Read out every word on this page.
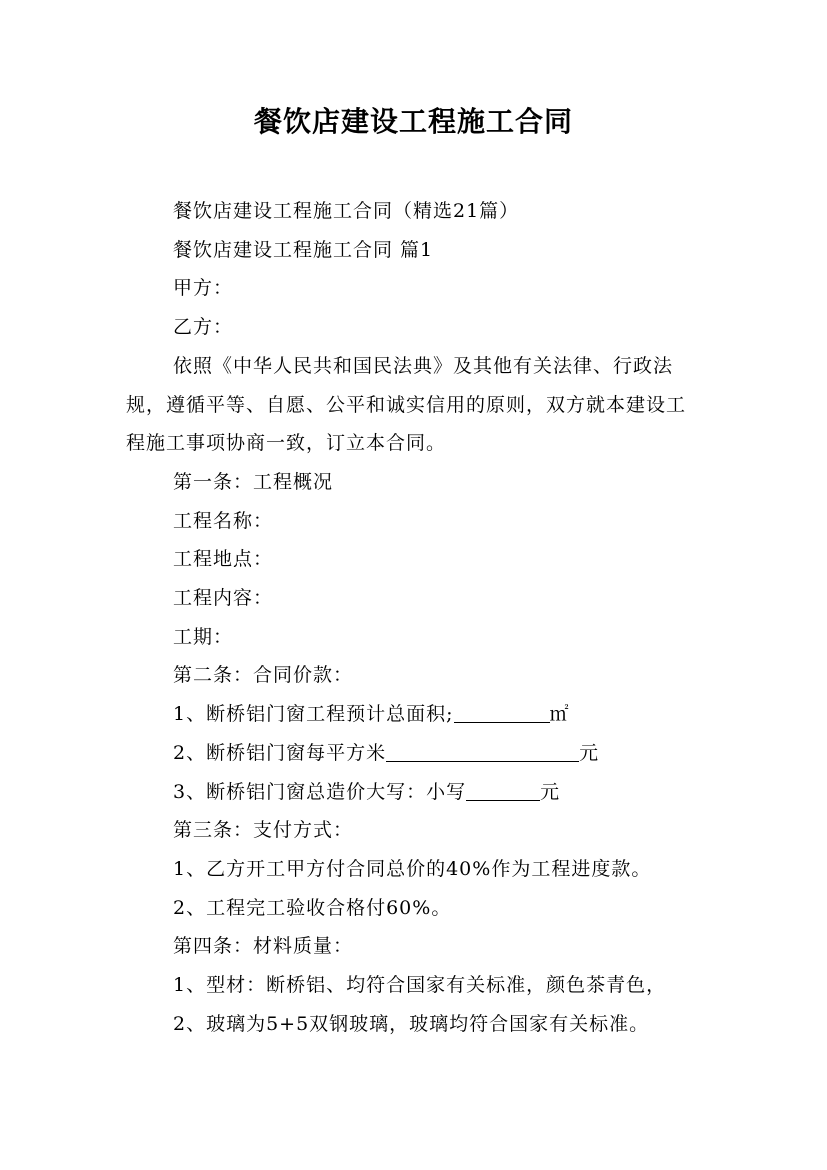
餐饮店建设工程施工合同

餐饮店建设工程施工合同（精选21篇）

餐饮店建设工程施工合同 篇1

甲方：

乙方：

依照《中华人民共和国民法典》及其他有关法律、行政法规，遵循平等、自愿、公平和诚实信用的原则，双方就本建设工程施工事项协商一致，订立本合同。

第一条：工程概况

工程名称：

工程地点：

工程内容：

工期：

第二条：合同价款：

1、断桥铝门窗工程预计总面积;	㎡

2、断桥铝门窗每平方米	元

3、断桥铝门窗总造价大写：小写	元

第三条：支付方式：

1、乙方开工甲方付合同总价的40%作为工程进度款。

2、工程完工验收合格付60%。

第四条：材料质量：

1、型材：断桥铝、均符合国家有关标准，颜色茶青色，

2、玻璃为5+5双钢玻璃，玻璃均符合国家有关标准。
